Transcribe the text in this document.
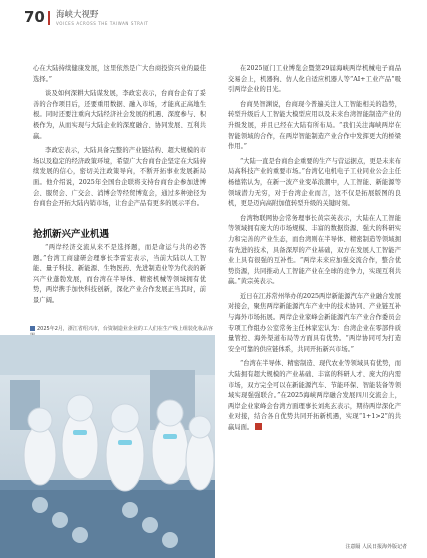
70 海峡大视野
VOICES ACROSS THE TAIWAN STRAIT

心在大陆持续健康发展，这里依然是广大台商投资兴业的最佳选择。”

谈及如何深耕大陆谋发展，李政宏表示，台商台企有了妥善的合作项目后，还要重用数据、融入市场，才能真正高地生根。同时还要注重向大陆经济社会发展的机遇、深度参与、积极作为，从而实现与大陆企业的深度融合、协同发展、互利共赢。

李政宏表示，大陆具备完整的产业链结构、超大规模的市场以及稳定的经济政策环境，希望广大台商台企坚定在大陆持续发展的信心，密切关注政策导向，不断开拓事业发展新局面。他介绍说，2025年全国台企联将支持台商台企参加进博会、服贸会、广交会、消博会等经贸博览会，通过多种途径为台商台企开拓大陆内销市场，让台企产品有更多的展示平台。

抢抓新兴产业机遇

“两岸经济交流从来不是选择题，而是命运与共的必答题。”台湾工商建研会理事长李雷宏表示，当前大陆以人工智能、量子科技、新能源、生物医药、先进制造业等为代表的新兴产业蓬勃发展，而台湾在半导体、精密机械等领域拥有优势，两岸携手加快科技创新，深化产业合作发展正当其时，前景广阔。

2025年2月，浙江省绍兴市，台资制造业企业的工人们在生产线上组装化妆品容

在2025厦门工业博览会暨第29届海峡两岸机械电子商品交易会上，机器狗、仿人化自适应机器人等“AI+工业产品”吸引两岸企业的目光。

台商吴智渊说，台商现今普遍关注人工智能相关的趋势，转型升级后人工智能大模型应用以及未来台湾智能制造产业的升级发展，并且已经在大陆有所布局。“我们关注海峡两岸在智能领域的合作，在两岸智能制造产业合作中发挥更大的桥梁作用。”

“大陆一直是台商台企重要的生产与营运据点，更是未来布局高科技产业的重要市场。”台湾亿电机电子工业同业公会主任杨德铭认为，在新一波产业变革浪潮中，人工智能、新能源等领域潜力无穷，对于台湾企业而言，这不仅是拓展版图的良机，更是迈向高附加值转型升级的关键时刻。

台湾物联网协会常务理事长黄宗英表示，大陆在人工智能等领域拥有庞大的市场规模、丰富的数据资源、强大的科研实力和完善的产业生态，而台湾则在半导体、精密制造等领域拥有先进的技术，具备深厚的产业基础，双方在发展人工智能产业上具有很强的互补性。“两岸未来应加强交流合作，整合优势资源，共同推动人工智能产业在全球的竞争力，实现互利共赢。”黄宗英表示。

近日在江苏常州举办的2025两岸新能源汽车产业融合发展对接会，聚焦两岸新能源汽车产业中的技术协同、产业链互补与海外市场拓展。两岸企业家峰会新能源汽车产业合作委员会专项工作组办公室常务主任林家宏认为：台湾企业在零部件质量管控、海外渠道布局等方面具有优势。“两岸协同可为打造安全可靠的供应链体系，共同开拓新兴市场。”

“台湾在半导体、精密制造、现代农业等领域具有优势，而大陆拥有超大规模的产业基础、丰富的科研人才、庞大的内需市场，双方完全可以在新能源汽车、节能环保、智能装备等领域实现强强联合。”在2025海峡两岸融合发展四川交流会上，两岸企业家峰会台湾方面理事长刘兆玄表示，期待两岸深化产业对接，结合各自优势共同开拓新机遇，实现“1+1>2”的共赢局面。

注意隔 人民日报海外版记者
